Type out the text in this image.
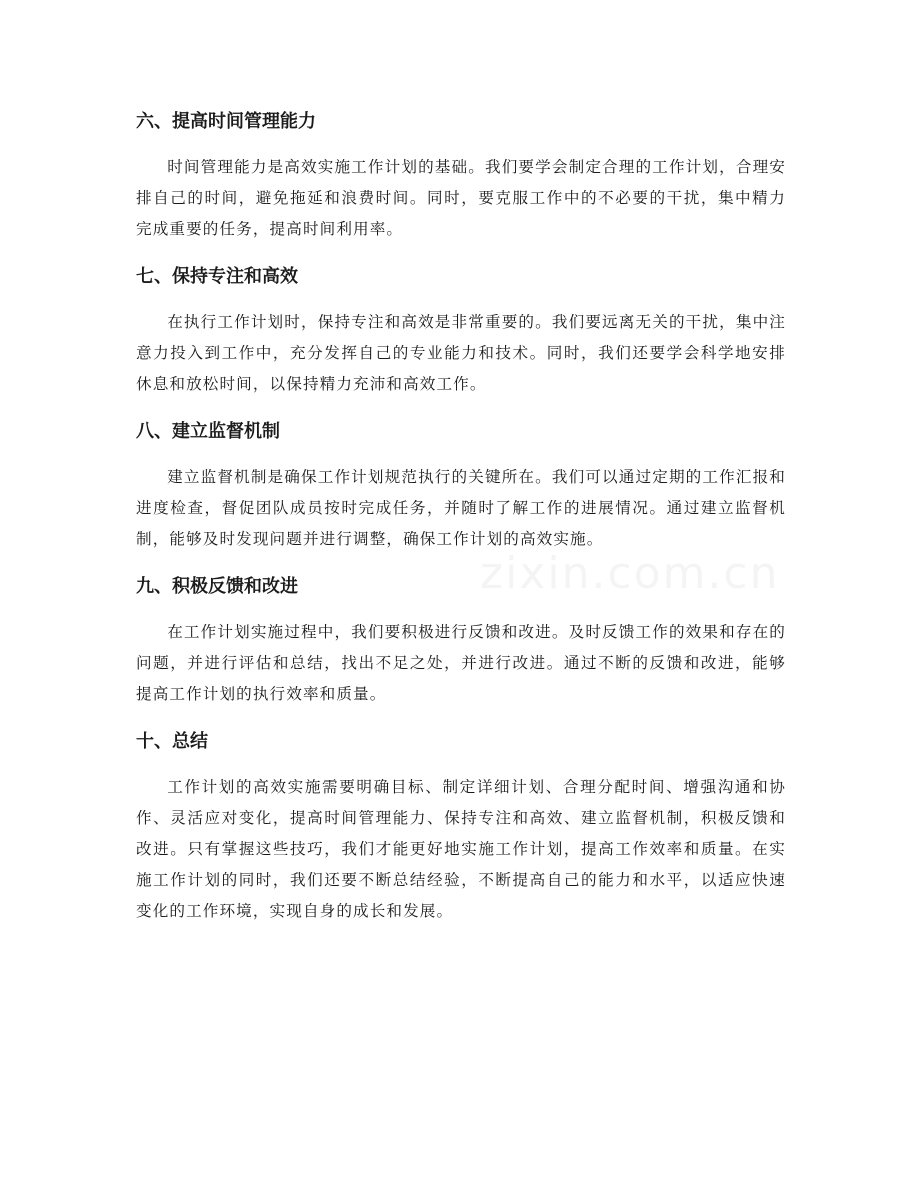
六、提高时间管理能力

时间管理能力是高效实施工作计划的基础。我们要学会制定合理的工作计划，合理安排自己的时间，避免拖延和浪费时间。同时，要克服工作中的不必要的干扰，集中精力完成重要的任务，提高时间利用率。

七、保持专注和高效

在执行工作计划时，保持专注和高效是非常重要的。我们要远离无关的干扰，集中注意力投入到工作中，充分发挥自己的专业能力和技术。同时，我们还要学会科学地安排休息和放松时间，以保持精力充沛和高效工作。

八、建立监督机制

建立监督机制是确保工作计划规范执行的关键所在。我们可以通过定期的工作汇报和进度检查，督促团队成员按时完成任务，并随时了解工作的进展情况。通过建立监督机制，能够及时发现问题并进行调整，确保工作计划的高效实施。

九、积极反馈和改进

在工作计划实施过程中，我们要积极进行反馈和改进。及时反馈工作的效果和存在的问题，并进行评估和总结，找出不足之处，并进行改进。通过不断的反馈和改进，能够提高工作计划的执行效率和质量。

十、总结

工作计划的高效实施需要明确目标、制定详细计划、合理分配时间、增强沟通和协作、灵活应对变化，提高时间管理能力、保持专注和高效、建立监督机制，积极反馈和改进。只有掌握这些技巧，我们才能更好地实施工作计划，提高工作效率和质量。在实施工作计划的同时，我们还要不断总结经验，不断提高自己的能力和水平，以适应快速变化的工作环境，实现自身的成长和发展。
